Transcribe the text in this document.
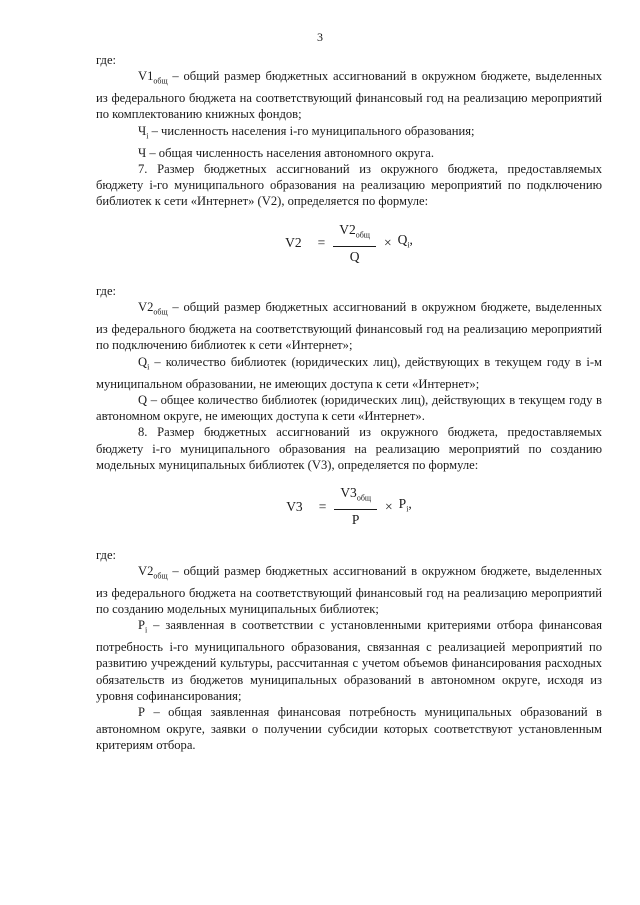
3

где:

$V1_{общ}$ – общий размер бюджетных ассигнований в окружном бюджете, выделенных из федерального бюджета на соответствующий финансовый год на реализацию мероприятий по комплектованию книжных фондов;

$Ч_i$ – численность населения i-го муниципального образования;

Ч – общая численность населения автономного округа.

7. Размер бюджетных ассигнований из окружного бюджета, предоставляемых бюджету i-го муниципального образования на реализацию мероприятий по подключению библиотек к сети «Интернет» (V2), определяется по формуле:

$V2 = \frac{V2_{общ}}{Q} \times Q_i$,

где:

$V2_{общ}$ – общий размер бюджетных ассигнований в окружном бюджете, выделенных из федерального бюджета на соответствующий финансовый год на реализацию мероприятий по подключению библиотек к сети «Интернет»;

$Q_i$ – количество библиотек (юридических лиц), действующих в текущем году в i-м муниципальном образовании, не имеющих доступа к сети «Интернет»;

Q – общее количество библиотек (юридических лиц), действующих в текущем году в автономном округе, не имеющих доступа к сети «Интернет».

8. Размер бюджетных ассигнований из окружного бюджета, предоставляемых бюджету i-го муниципального образования на реализацию мероприятий по созданию модельных муниципальных библиотек (V3), определяется по формуле:

$V3 = \frac{V3_{общ}}{P} \times P_i$,

где:

$V2_{общ}$ – общий размер бюджетных ассигнований в окружном бюджете, выделенных из федерального бюджета на соответствующий финансовый год на реализацию мероприятий по созданию модельных муниципальных библиотек;

$P_i$ – заявленная в соответствии с установленными критериями отбора финансовая потребность i-го муниципального образования, связанная с реализацией мероприятий по развитию учреждений культуры, рассчитанная с учетом объемов финансирования расходных обязательств из бюджетов муниципальных образований в автономном округе, исходя из уровня софинансирования;

Р – общая заявленная финансовая потребность муниципальных образований в автономном округе, заявки о получении субсидии которых соответствуют установленным критериям отбора.
